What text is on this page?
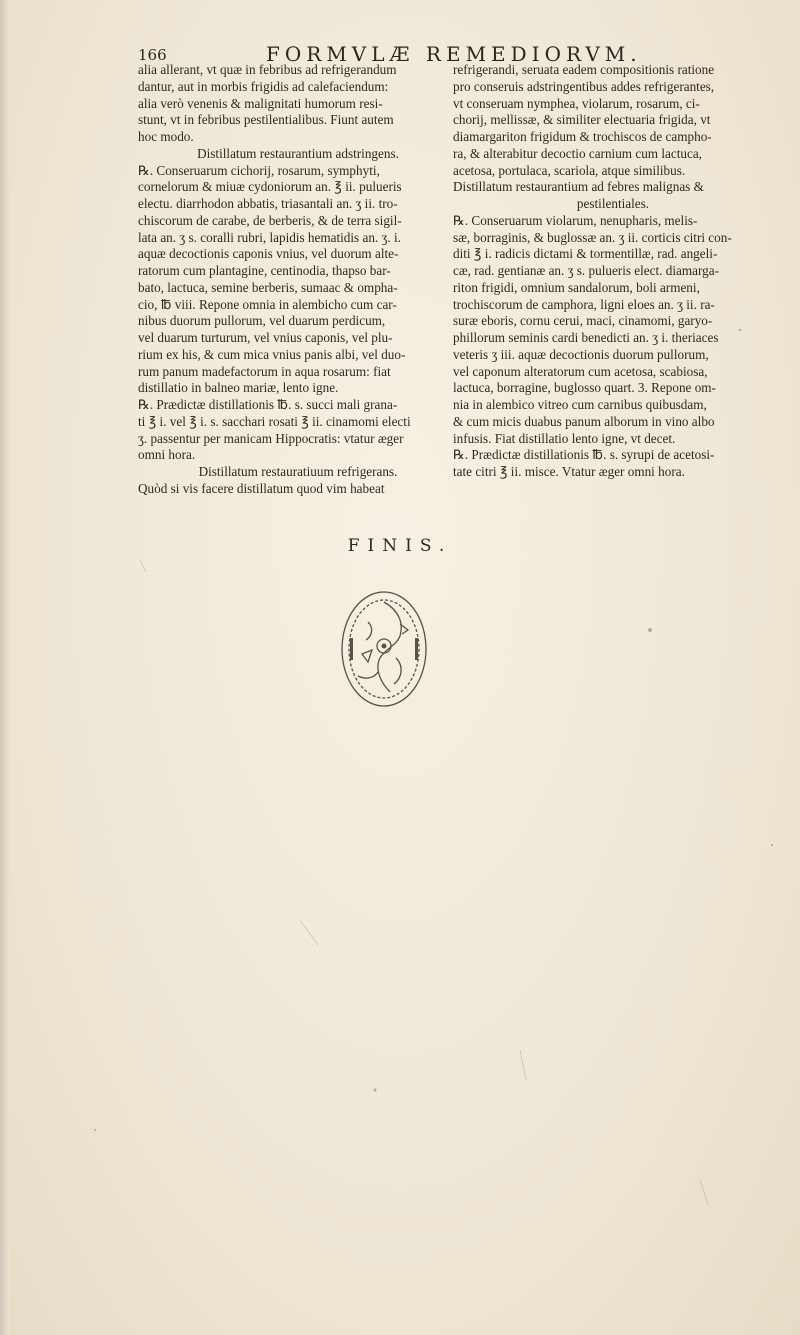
166	FORMVLÆ REMEDIORVM.

alia allerant, vt quæ in febribus ad refrigerandum

dantur, aut in morbis frigidis ad calefaciendum:

alia verò venenis & malignitati humorum resi-

stunt, vt in febribus pestilentialibus. Fiunt autem

hoc modo.

Distillatum restaurantium adstringens.

℞. Conseruarum cichorij, rosarum, symphyti,

cornelorum & miuæ cydoniorum an. ℥ ii. pulueris

electu. diarrhodon abbatis, triasantali an. ʒ ii. tro-

chiscorum de carabe, de berberis, & de terra sigil-

lata an. ʒ s. coralli rubri, lapidis hematidis an. ʒ. i.

aquæ decoctionis caponis vnius, vel duorum alte-

ratorum cum plantagine, centinodia, thapso bar-

bato, lactuca, semine berberis, sumaac & ompha-

cio, ℔ viii. Repone omnia in alembicho cum car-

nibus duorum pullorum, vel duarum perdicum,

vel duarum turturum, vel vnius caponis, vel plu-

rium ex his, & cum mica vnius panis albi, vel duo-

rum panum madefactorum in aqua rosarum: fiat

distillatio in balneo mariæ, lento igne.

℞. Prædictæ distillationis ℔. s. succi mali grana-

ti ℥ i. vel ℥ i. s. sacchari rosati ℥ ii. cinamomi electi

ʒ. passentur per manicam Hippocratis: vtatur æger

omni hora.

Distillatum restauratiuum refrigerans.

Quòd si vis facere distillatum quod vim habeat

refrigerandi, seruata eadem compositionis ratione

pro conseruis adstringentibus addes refrigerantes,

vt conseruam nymphea, violarum, rosarum, ci-

chorij, mellissæ, & similiter electuaria frigida, vt

diamargariton frigidum & trochiscos de campho-

ra, & alterabitur decoctio carnium cum lactuca,

acetosa, portulaca, scariola, atque similibus.

Distillatum restaurantium ad febres malignas &

pestilentiales.

℞. Conseruarum violarum, nenupharis, melis-

sæ, borraginis, & buglossæ an. ʒ ii. corticis citri con-

diti ℥ i. radicis dictami & tormentillæ, rad. angeli-

cæ, rad. gentianæ an. ʒ s. pulueris elect. diamarga-

riton frigidi, omnium sandalorum, boli armeni,

trochiscorum de camphora, ligni eloes an. ʒ ii. ra-

suræ eboris, cornu cerui, maci, cinamomi, garyo-

phillorum seminis cardi benedicti an. ʒ i. theriaces

veteris ʒ iii. aquæ decoctionis duorum pullorum,

vel caponum alteratorum cum acetosa, scabiosa,

lactuca, borragine, buglosso quart. 3. Repone om-

nia in alembico vitreo cum carnibus quibusdam,

& cum micis duabus panum alborum in vino albo

infusis. Fiat distillatio lento igne, vt decet.

℞. Prædictæ distillationis ℔. s. syrupi de acetosi-

tate citri ℥ ii. misce. Vtatur æger omni hora.

FINIS.
